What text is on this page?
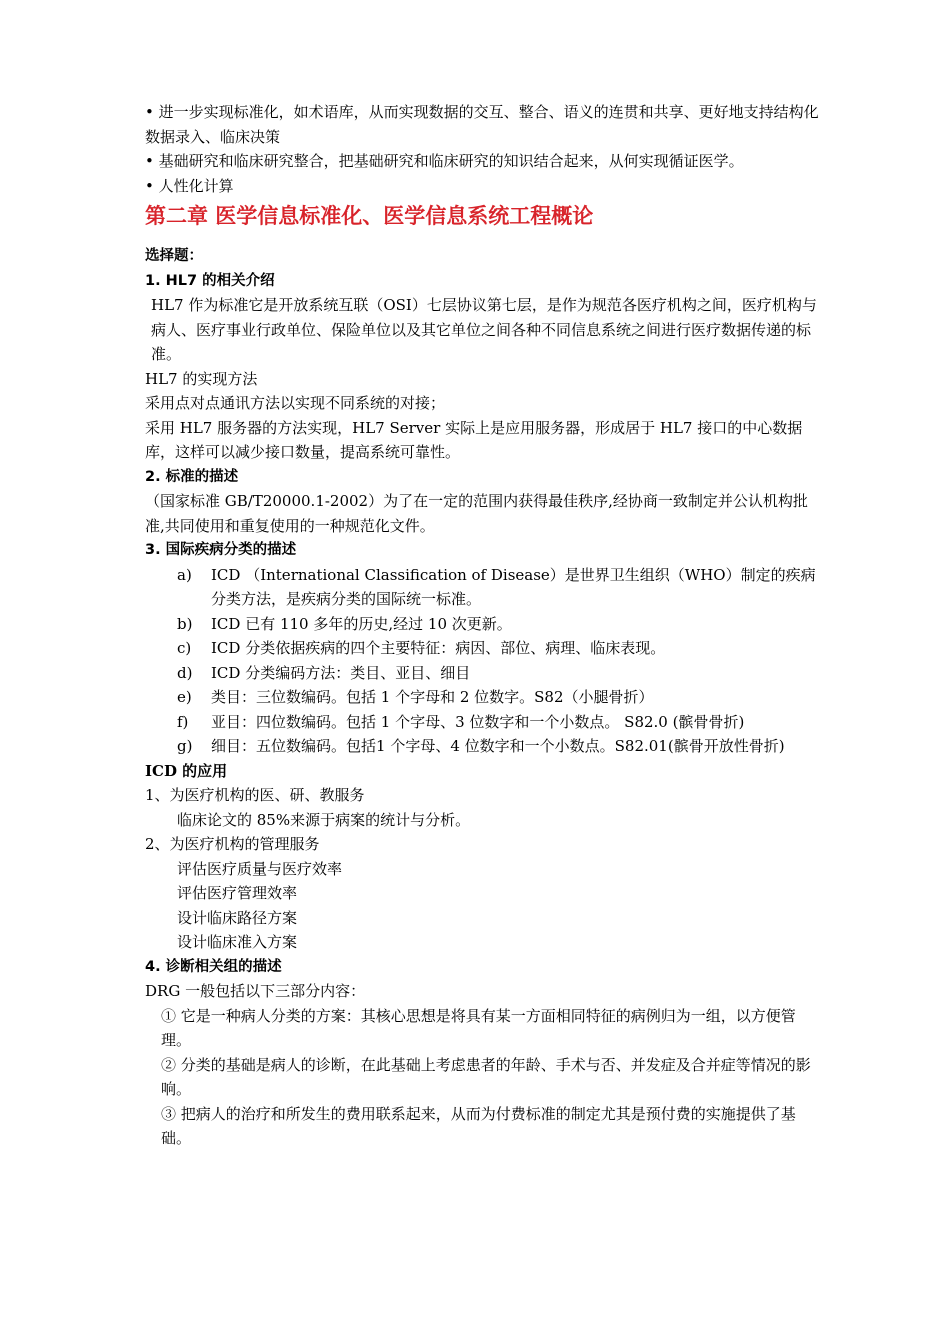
• 进一步实现标准化，如术语库，从而实现数据的交互、整合、语义的连贯和共享、更好地支持结构化数据录入、临床决策
• 基础研究和临床研究整合，把基础研究和临床研究的知识结合起来，从何实现循证医学。
• 人性化计算
第二章 医学信息标准化、医学信息系统工程概论
选择题：
1. HL7 的相关介绍
HL7 作为标准它是开放系统互联（OSI）七层协议第七层，是作为规范各医疗机构之间，医疗机构与病人、医疗事业行政单位、保险单位以及其它单位之间各种不同信息系统之间进行医疗数据传递的标准。
HL7 的实现方法
采用点对点通讯方法以实现不同系统的对接；
采用 HL7 服务器的方法实现，HL7 Server 实际上是应用服务器，形成居于 HL7 接口的中心数据库，这样可以减少接口数量，提高系统可靠性。
2. 标准的描述
（国家标准 GB/T20000.1-2002）为了在一定的范围内获得最佳秩序,经协商一致制定并公认机构批准,共同使用和重复使用的一种规范化文件。
3. 国际疾病分类的描述
a)	ICD （International Classification of Disease）是世界卫生组织（WHO）制定的疾病分类方法，是疾病分类的国际统一标准。
b)	ICD 已有 110 多年的历史,经过 10 次更新。
c)	ICD 分类依据疾病的四个主要特征：病因、部位、病理、临床表现。
d)	ICD 分类编码方法：类目、亚目、细目
e)	类目：三位数编码。包括 1 个字母和 2 位数字。S82（小腿骨折）
f)	亚目：四位数编码。包括 1 个字母、3 位数字和一个小数点。 S82.0 (髌骨骨折)
g)	细目：五位数编码。包括1 个字母、4 位数字和一个小数点。S82.01(髌骨开放性骨折)
ICD 的应用
1、为医疗机构的医、研、教服务
临床论文的 85%来源于病案的统计与分析。
2、为医疗机构的管理服务
评估医疗质量与医疗效率
评估医疗管理效率
设计临床路径方案
设计临床准入方案
4. 诊断相关组的描述
DRG 一般包括以下三部分内容：
① 它是一种病人分类的方案：其核心思想是将具有某一方面相同特征的病例归为一组，以方便管理。
② 分类的基础是病人的诊断，在此基础上考虑患者的年龄、手术与否、并发症及合并症等情况的影响。
③ 把病人的治疗和所发生的费用联系起来，从而为付费标准的制定尤其是预付费的实施提供了基础。
